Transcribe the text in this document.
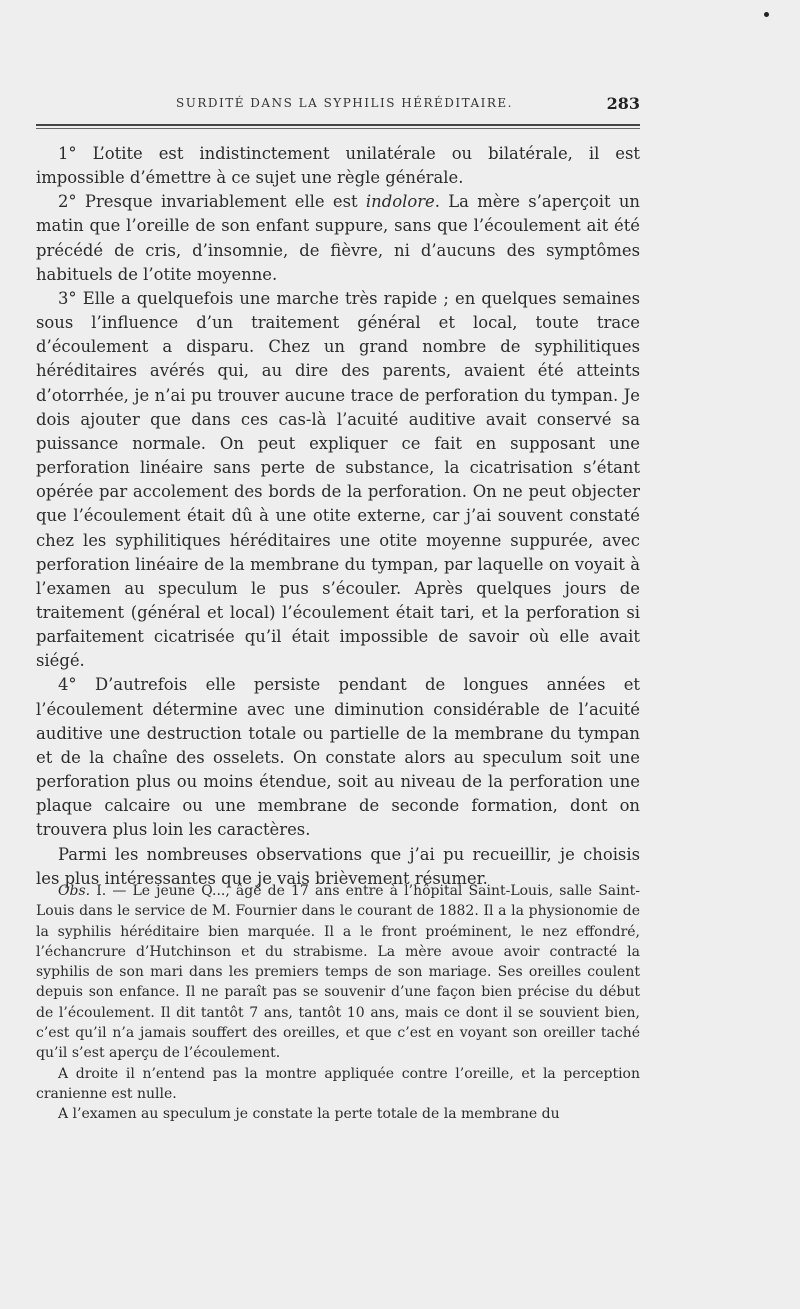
SURDITÉ DANS LA SYPHILIS HÉRÉDITAIRE.	283

1° L’otite est indistinctement unilatérale ou bilatérale, il est impossible d’émettre à ce sujet une règle générale.

2° Presque invariablement elle est indolore. La mère s’aperçoit un matin que l’oreille de son enfant suppure, sans que l’écoulement ait été précédé de cris, d’insomnie, de fièvre, ni d’aucuns des symptômes habituels de l’otite moyenne.

3° Elle a quelquefois une marche très rapide ; en quelques semaines sous l’influence d’un traitement général et local, toute trace d’écoulement a disparu. Chez un grand nombre de syphilitiques héréditaires avérés qui, au dire des parents, avaient été atteints d’otorrhée, je n’ai pu trouver aucune trace de perforation du tympan. Je dois ajouter que dans ces cas-là l’acuité auditive avait conservé sa puissance normale. On peut expliquer ce fait en supposant une perforation linéaire sans perte de substance, la cicatrisation s’étant opérée par accolement des bords de la perforation. On ne peut objecter que l’écoulement était dû à une otite externe, car j’ai souvent constaté chez les syphilitiques héréditaires une otite moyenne suppurée, avec perforation linéaire de la membrane du tympan, par laquelle on voyait à l’examen au speculum le pus s’écouler. Après quelques jours de traitement (général et local) l’écoulement était tari, et la perforation si parfaitement cicatrisée qu’il était impossible de savoir où elle avait siégé.

4° D’autrefois elle persiste pendant de longues années et l’écoulement détermine avec une diminution considérable de l’acuité auditive une destruction totale ou partielle de la membrane du tympan et de la chaîne des osselets. On constate alors au speculum soit une perforation plus ou moins étendue, soit au niveau de la perforation une plaque calcaire ou une membrane de seconde formation, dont on trouvera plus loin les caractères.

Parmi les nombreuses observations que j’ai pu recueillir, je choisis les plus intéressantes que je vais brièvement résumer.

Obs. I. — Le jeune Q..., âgé de 17 ans entre à l’hôpital Saint-Louis, salle Saint-Louis dans le service de M. Fournier dans le courant de 1882. Il a la physionomie de la syphilis héréditaire bien marquée. Il a le front proéminent, le nez effondré, l’échancrure d’Hutchinson et du strabisme. La mère avoue avoir contracté la syphilis de son mari dans les premiers temps de son mariage. Ses oreilles coulent depuis son enfance. Il ne paraît pas se souvenir d’une façon bien précise du début de l’écoulement. Il dit tantôt 7 ans, tantôt 10 ans, mais ce dont il se souvient bien, c’est qu’il n’a jamais souffert des oreilles, et que c’est en voyant son oreiller taché qu’il s’est aperçu de l’écoulement.

A droite il n’entend pas la montre appliquée contre l’oreille, et la perception cranienne est nulle.

A l’examen au speculum je constate la perte totale de la membrane du
